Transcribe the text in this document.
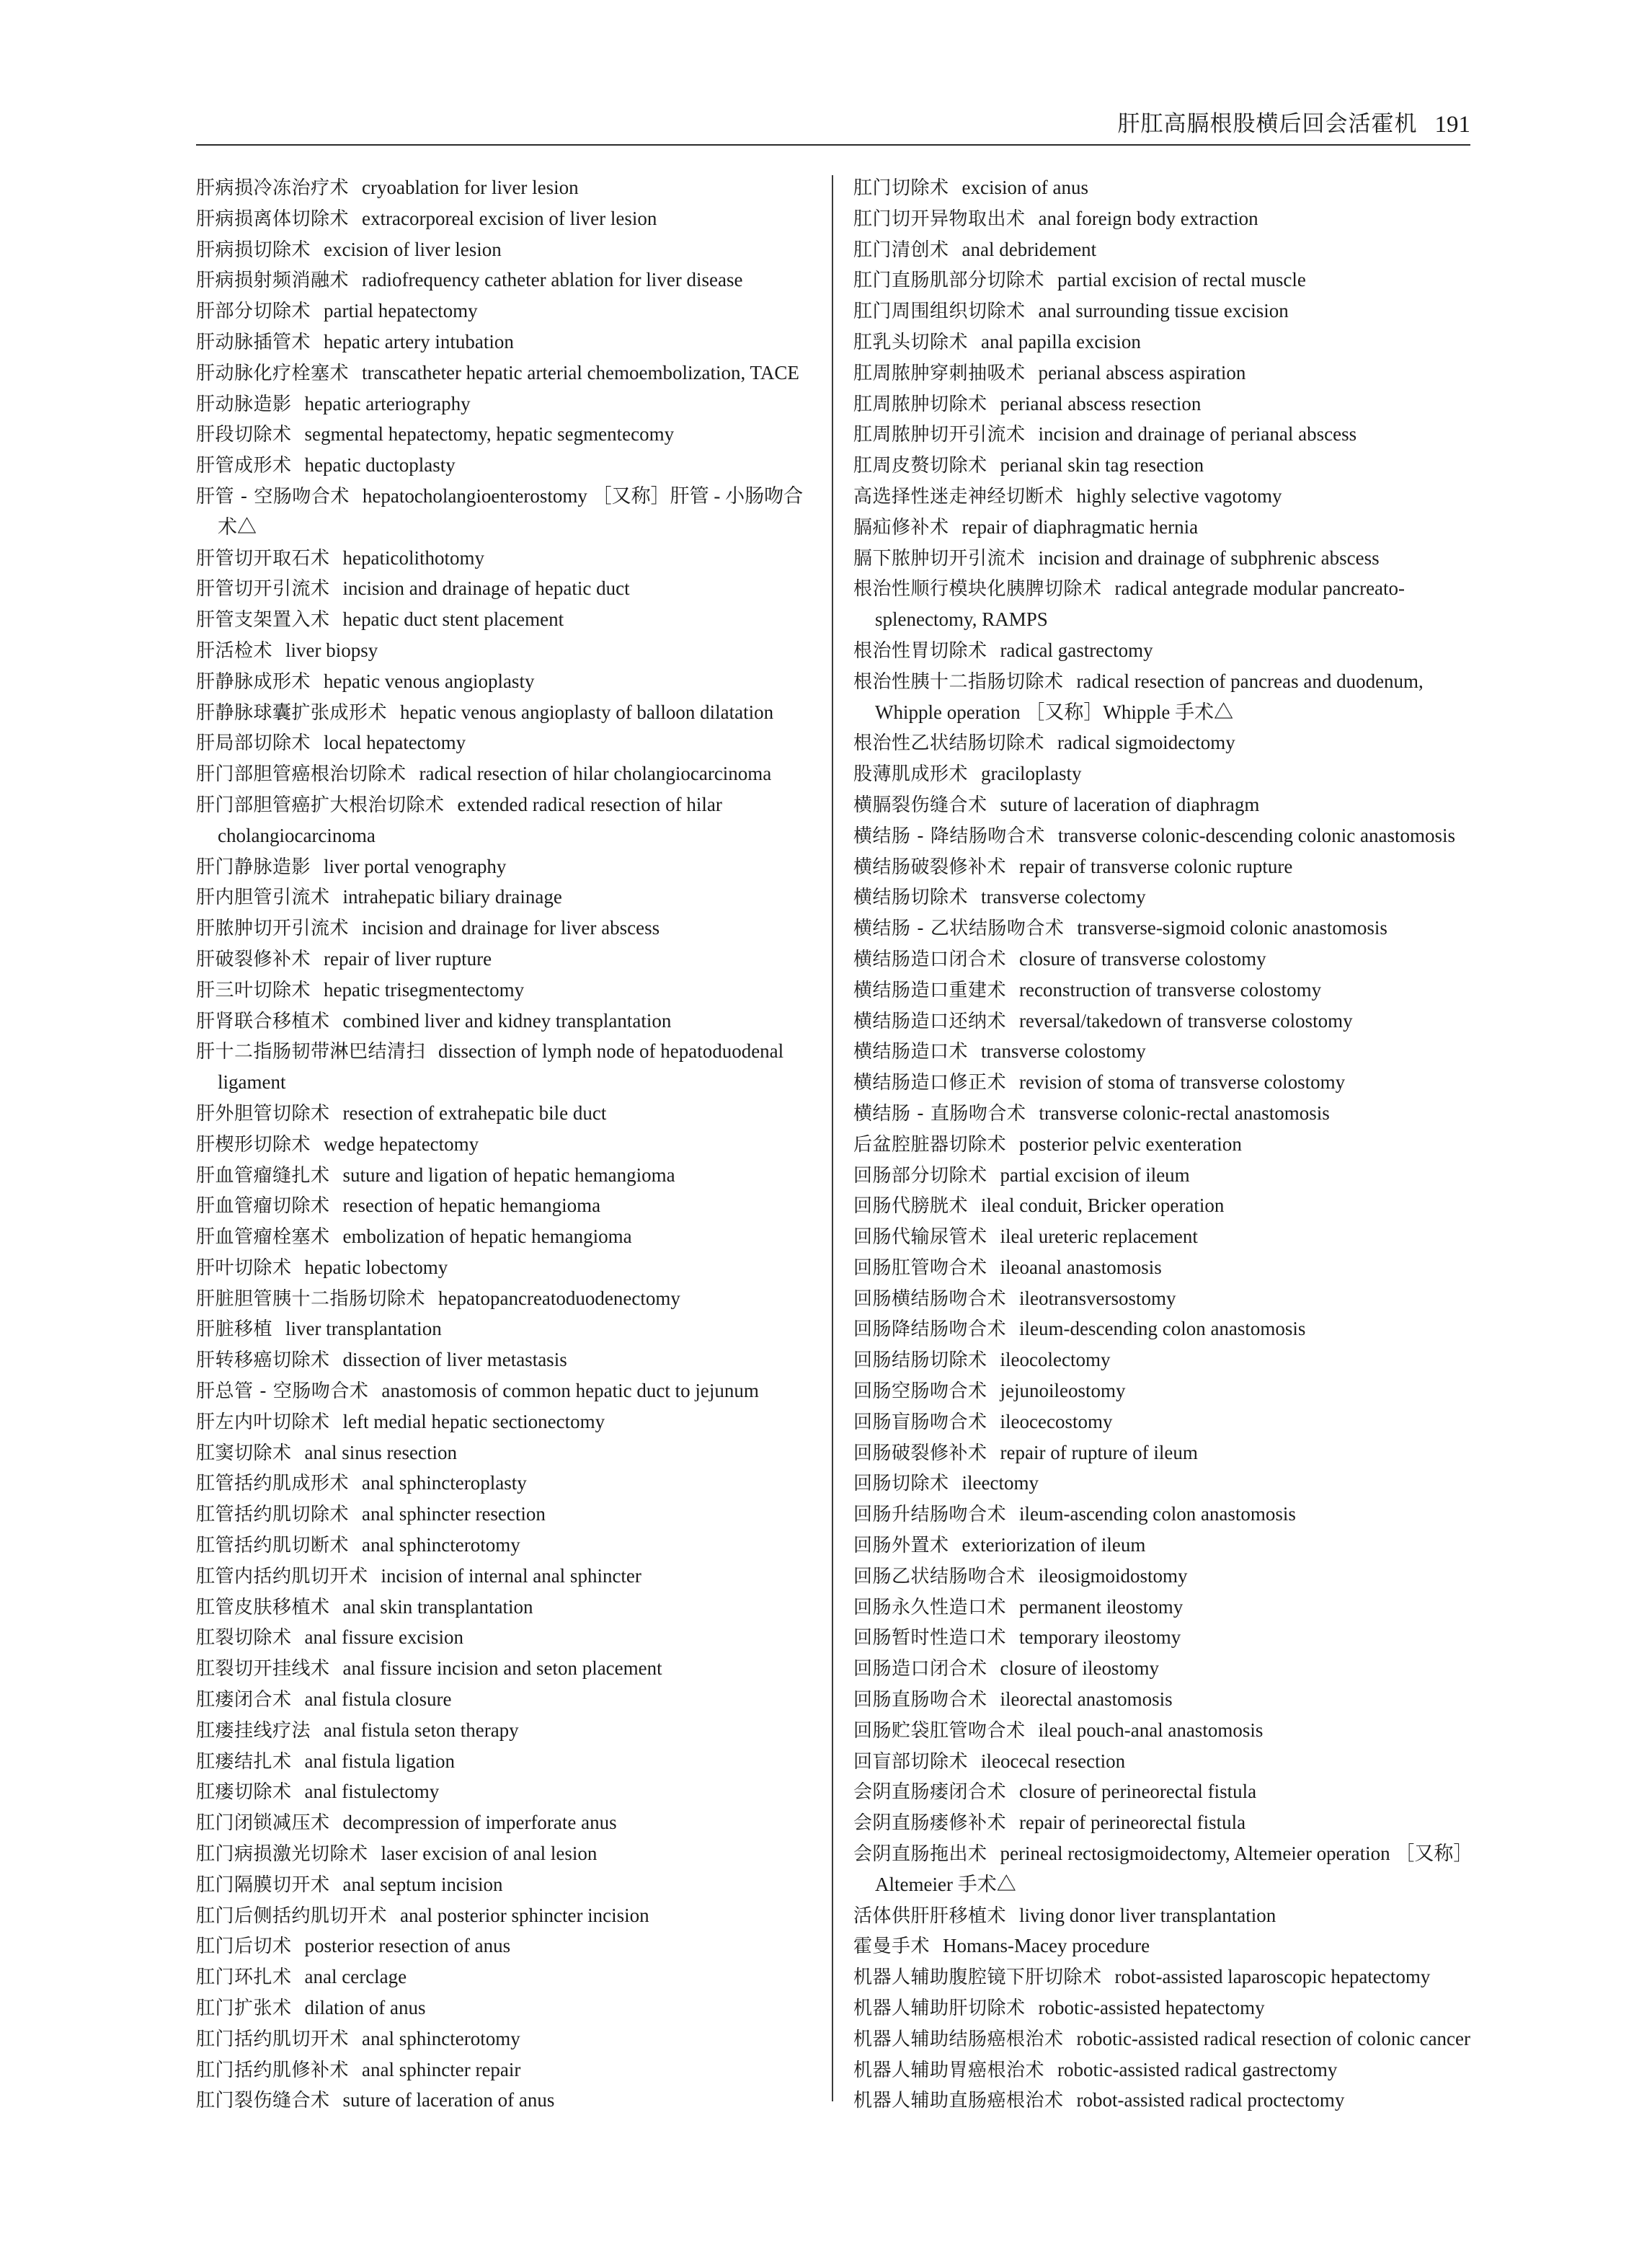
肝肛高膈根股横后回会活霍机 191

肝病损冷冻治疗术 cryoablation for liver lesion

肝病损离体切除术 extracorporeal excision of liver lesion

肝病损切除术 excision of liver lesion

肝病损射频消融术 radiofrequency catheter ablation for liver disease

肝部分切除术 partial hepatectomy

肝动脉插管术 hepatic artery intubation

肝动脉化疗栓塞术 transcatheter hepatic arterial chemoembolization, TACE

肝动脉造影 hepatic arteriography

肝段切除术 segmental hepatectomy, hepatic segmentecomy

肝管成形术 hepatic ductoplasty

肝管 - 空肠吻合术 hepatocholangioenterostomy ［又称］肝管 - 小肠吻合术△

肝管切开取石术 hepaticolithotomy

肝管切开引流术 incision and drainage of hepatic duct

肝管支架置入术 hepatic duct stent placement

肝活检术 liver biopsy

肝静脉成形术 hepatic venous angioplasty

肝静脉球囊扩张成形术 hepatic venous angioplasty of balloon dilatation

肝局部切除术 local hepatectomy

肝门部胆管癌根治切除术 radical resection of hilar cholangiocarcinoma

肝门部胆管癌扩大根治切除术 extended radical resection of hilar cholangiocarcinoma

肝门静脉造影 liver portal venography

肝内胆管引流术 intrahepatic biliary drainage

肝脓肿切开引流术 incision and drainage for liver abscess

肝破裂修补术 repair of liver rupture

肝三叶切除术 hepatic trisegmentectomy

肝肾联合移植术 combined liver and kidney transplantation

肝十二指肠韧带淋巴结清扫 dissection of lymph node of hepatoduodenal ligament

肝外胆管切除术 resection of extrahepatic bile duct

肝楔形切除术 wedge hepatectomy

肝血管瘤缝扎术 suture and ligation of hepatic hemangioma

肝血管瘤切除术 resection of hepatic hemangioma

肝血管瘤栓塞术 embolization of hepatic hemangioma

肝叶切除术 hepatic lobectomy

肝脏胆管胰十二指肠切除术 hepatopancreatoduodenectomy

肝脏移植 liver transplantation

肝转移癌切除术 dissection of liver metastasis

肝总管 - 空肠吻合术 anastomosis of common hepatic duct to jejunum

肝左内叶切除术 left medial hepatic sectionectomy

肛窦切除术 anal sinus resection

肛管括约肌成形术 anal sphincteroplasty

肛管括约肌切除术 anal sphincter resection

肛管括约肌切断术 anal sphincterotomy

肛管内括约肌切开术 incision of internal anal sphincter

肛管皮肤移植术 anal skin transplantation

肛裂切除术 anal fissure excision

肛裂切开挂线术 anal fissure incision and seton placement

肛瘘闭合术 anal fistula closure

肛瘘挂线疗法 anal fistula seton therapy

肛瘘结扎术 anal fistula ligation

肛瘘切除术 anal fistulectomy

肛门闭锁减压术 decompression of imperforate anus

肛门病损激光切除术 laser excision of anal lesion

肛门隔膜切开术 anal septum incision

肛门后侧括约肌切开术 anal posterior sphincter incision

肛门后切术 posterior resection of anus

肛门环扎术 anal cerclage

肛门扩张术 dilation of anus

肛门括约肌切开术 anal sphincterotomy

肛门括约肌修补术 anal sphincter repair

肛门裂伤缝合术 suture of laceration of anus

肛门切除术 excision of anus

肛门切开异物取出术 anal foreign body extraction

肛门清创术 anal debridement

肛门直肠肌部分切除术 partial excision of rectal muscle

肛门周围组织切除术 anal surrounding tissue excision

肛乳头切除术 anal papilla excision

肛周脓肿穿刺抽吸术 perianal abscess aspiration

肛周脓肿切除术 perianal abscess resection

肛周脓肿切开引流术 incision and drainage of perianal abscess

肛周皮赘切除术 perianal skin tag resection

高选择性迷走神经切断术 highly selective vagotomy

膈疝修补术 repair of diaphragmatic hernia

膈下脓肿切开引流术 incision and drainage of subphrenic abscess

根治性顺行模块化胰脾切除术 radical antegrade modular pancreato-splenectomy, RAMPS

根治性胃切除术 radical gastrectomy

根治性胰十二指肠切除术 radical resection of pancreas and duodenum, Whipple operation ［又称］Whipple 手术△

根治性乙状结肠切除术 radical sigmoidectomy

股薄肌成形术 graciloplasty

横膈裂伤缝合术 suture of laceration of diaphragm

横结肠 - 降结肠吻合术 transverse colonic-descending colonic anastomosis

横结肠破裂修补术 repair of transverse colonic rupture

横结肠切除术 transverse colectomy

横结肠 - 乙状结肠吻合术 transverse-sigmoid colonic anastomosis

横结肠造口闭合术 closure of transverse colostomy

横结肠造口重建术 reconstruction of transverse colostomy

横结肠造口还纳术 reversal/takedown of transverse colostomy

横结肠造口术 transverse colostomy

横结肠造口修正术 revision of stoma of transverse colostomy

横结肠 - 直肠吻合术 transverse colonic-rectal anastomosis

后盆腔脏器切除术 posterior pelvic exenteration

回肠部分切除术 partial excision of ileum

回肠代膀胱术 ileal conduit, Bricker operation

回肠代输尿管术 ileal ureteric replacement

回肠肛管吻合术 ileoanal anastomosis

回肠横结肠吻合术 ileotransversostomy

回肠降结肠吻合术 ileum-descending colon anastomosis

回肠结肠切除术 ileocolectomy

回肠空肠吻合术 jejunoileostomy

回肠盲肠吻合术 ileocecostomy

回肠破裂修补术 repair of rupture of ileum

回肠切除术 ileectomy

回肠升结肠吻合术 ileum-ascending colon anastomosis

回肠外置术 exteriorization of ileum

回肠乙状结肠吻合术 ileosigmoidostomy

回肠永久性造口术 permanent ileostomy

回肠暂时性造口术 temporary ileostomy

回肠造口闭合术 closure of ileostomy

回肠直肠吻合术 ileorectal anastomosis

回肠贮袋肛管吻合术 ileal pouch-anal anastomosis

回盲部切除术 ileocecal resection

会阴直肠瘘闭合术 closure of perineorectal fistula

会阴直肠瘘修补术 repair of perineorectal fistula

会阴直肠拖出术 perineal rectosigmoidectomy, Altemeier operation ［又称］Altemeier 手术△

活体供肝肝移植术 living donor liver transplantation

霍曼手术 Homans-Macey procedure

机器人辅助腹腔镜下肝切除术 robot-assisted laparoscopic hepatectomy

机器人辅助肝切除术 robotic-assisted hepatectomy

机器人辅助结肠癌根治术 robotic-assisted radical resection of colonic cancer

机器人辅助胃癌根治术 robotic-assisted radical gastrectomy

机器人辅助直肠癌根治术 robot-assisted radical proctectomy
